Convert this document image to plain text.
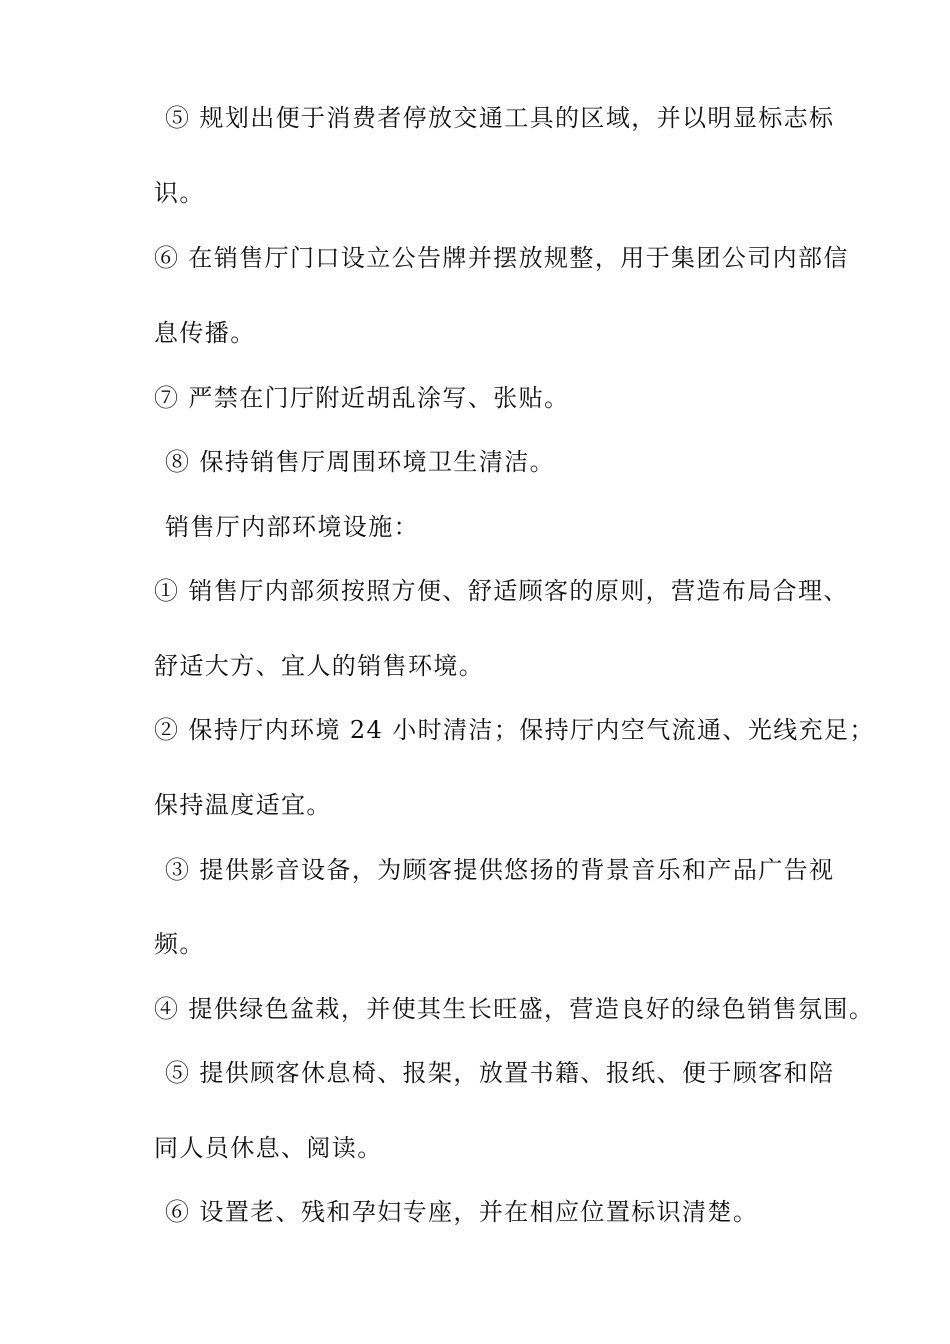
⑤ 规划出便于消费者停放交通工具的区域，并以明显标志标
识。
⑥ 在销售厅门口设立公告牌并摆放规整，用于集团公司内部信
息传播。
⑦ 严禁在门厅附近胡乱涂写、张贴。
⑧ 保持销售厅周围环境卫生清洁。
销售厅内部环境设施：
① 销售厅内部须按照方便、舒适顾客的原则，营造布局合理、
舒适大方、宜人的销售环境。
② 保持厅内环境 24 小时清洁；保持厅内空气流通、光线充足；
保持温度适宜。
③ 提供影音设备，为顾客提供悠扬的背景音乐和产品广告视
频。
④ 提供绿色盆栽，并使其生长旺盛，营造良好的绿色销售氛围。
⑤ 提供顾客休息椅、报架，放置书籍、报纸、便于顾客和陪
同人员休息、阅读。
⑥ 设置老、残和孕妇专座，并在相应位置标识清楚。
